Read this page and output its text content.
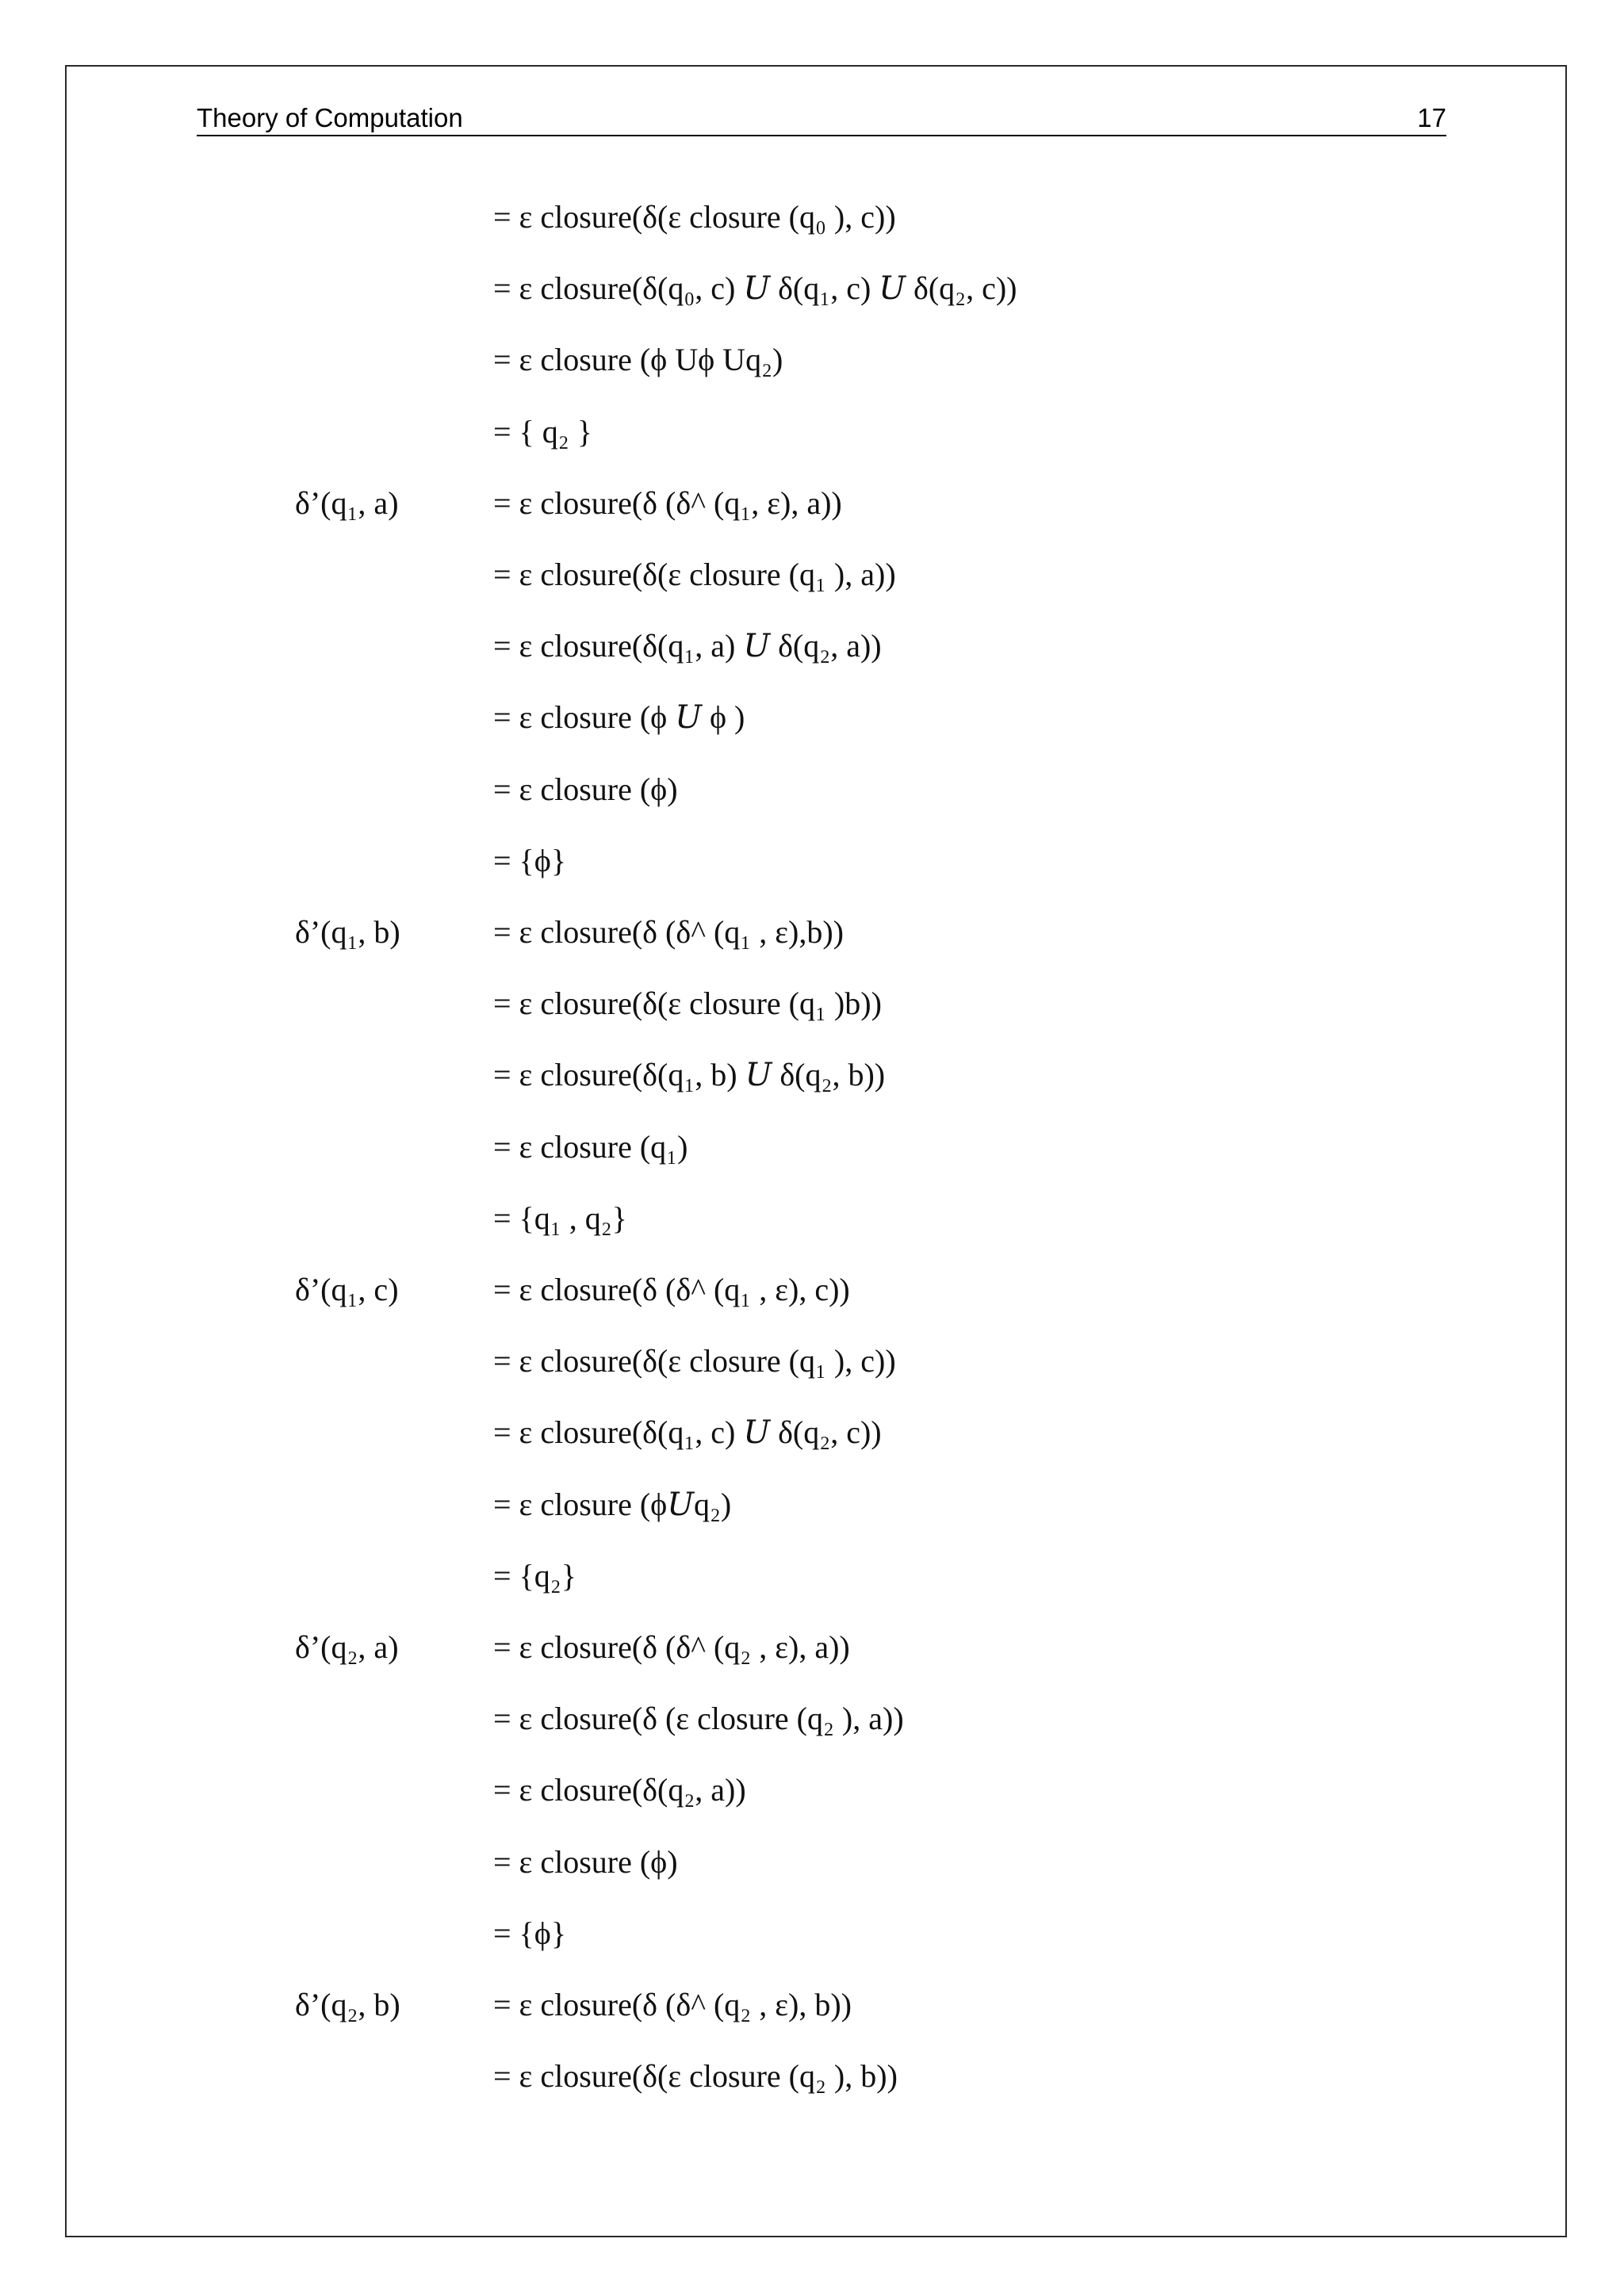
Theory of Computation	17
= ε closure(δ(ε closure (q₀ ), c))
= ε closure(δ(q₀, c) 𝑈 δ(q₁, c) 𝑈 δ(q₂, c))
= ε closure (ϕ Uϕ Uq₂)
= { q₂ }
δ’(q₁, a)	= ε closure(δ (δ^ (q₁, ε), a))
= ε closure(δ(ε closure (q₁ ), a))
= ε closure(δ(q₁, a) 𝑈 δ(q₂, a))
= ε closure (ϕ 𝑈 ϕ )
= ε closure (ϕ)
= {ϕ}
δ’(q₁, b)	= ε closure(δ (δ^ (q₁ , ε),b))
= ε closure(δ(ε closure (q₁ )b))
= ε closure(δ(q₁, b) 𝑈 δ(q₂, b))
= ε closure (q₁)
= {q₁ , q₂}
δ’(q₁, c)	= ε closure(δ (δ^ (q₁ , ε), c))
= ε closure(δ(ε closure (q₁ ), c))
= ε closure(δ(q₁, c) 𝑈 δ(q₂, c))
= ε closure (ϕ𝑈q₂)
= {q₂}
δ’(q₂, a)	= ε closure(δ (δ^ (q₂ , ε), a))
= ε closure(δ (ε closure (q₂ ), a))
= ε closure(δ(q₂, a))
= ε closure (ϕ)
= {ϕ}
δ’(q₂, b)	= ε closure(δ (δ^ (q₂ , ε), b))
= ε closure(δ(ε closure (q₂ ), b))
